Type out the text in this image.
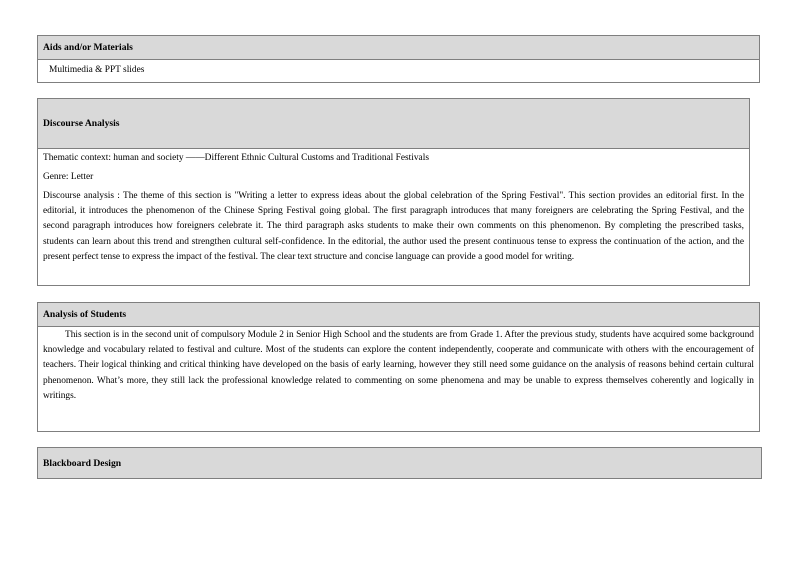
Aids and/or Materials
Multimedia & PPT slides
Discourse Analysis
Thematic context: human and society ——Different Ethnic Cultural Customs and Traditional Festivals
Genre: Letter

Discourse analysis : The theme of this section is "Writing a letter to express ideas about the global celebration of the Spring Festival". This section provides an editorial first. In the editorial, it introduces the phenomenon of the Chinese Spring Festival going global. The first paragraph introduces that many foreigners are celebrating the Spring Festival, and the second paragraph introduces how foreigners celebrate it. The third paragraph asks students to make their own comments on this phenomenon. By completing the prescribed tasks, students can learn about this trend and strengthen cultural self-confidence. In the editorial, the author used the present continuous tense to express the continuation of the action, and the present perfect tense to express the impact of the festival. The clear text structure and concise language can provide a good model for writing.

Analysis of Students

This section is in the second unit of compulsory Module 2 in Senior High School and the students are from Grade 1. After the previous study, students have acquired some background knowledge and vocabulary related to festival and culture. Most of the students can explore the content independently, cooperate and communicate with others with the encouragement of teachers. Their logical thinking and critical thinking have developed on the basis of early learning, however they still need some guidance on the analysis of reasons behind certain cultural phenomenon. What’s more, they still lack the professional knowledge related to commenting on some phenomena and may be unable to express themselves coherently and logically in writings.

Blackboard Design
